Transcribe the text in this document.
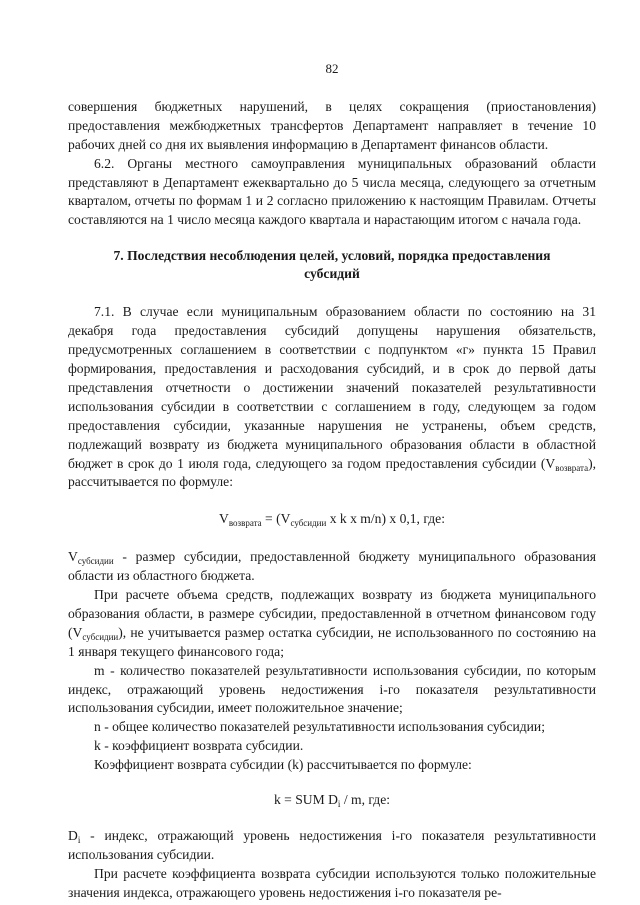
82

совершения бюджетных нарушений, в целях сокращения (приостановления) предоставления межбюджетных трансфертов Департамент направляет в течение 10 рабочих дней со дня их выявления информацию в Департамент финансов области.

6.2. Органы местного самоуправления муниципальных образований области представляют в Департамент ежеквартально до 5 числа месяца, следующего за отчетным кварталом, отчеты по формам 1 и 2 согласно приложению к настоящим Правилам. Отчеты составляются на 1 число месяца каждого квартала и нарастающим итогом с начала года.

7. Последствия несоблюдения целей, условий, порядка предоставления субсидий

7.1. В случае если муниципальным образованием области по состоянию на 31 декабря года предоставления субсидий допущены нарушения обязательств, предусмотренных соглашением в соответствии с подпунктом «г» пункта 15 Правил формирования, предоставления и расходования субсидий, и в срок до первой даты представления отчетности о достижении значений показателей результативности использования субсидии в соответствии с соглашением в году, следующем за годом предоставления субсидии, указанные нарушения не устранены, объем средств, подлежащий возврату из бюджета муниципального образования области в областной бюджет в срок до 1 июля года, следующего за годом предоставления субсидии $(V_{возврата})$, рассчитывается по формуле:

$V_{возврата} = (V_{субсидии}$ x k x m/n) x 0,1, где:

$V_{субсидии}$ - размер субсидии, предоставленной бюджету муниципального образования области из областного бюджета.

При расчете объема средств, подлежащих возврату из бюджета муниципального образования области, в размере субсидии, предоставленной в отчетном финансовом году $(V_{субсидии})$, не учитывается размер остатка субсидии, не использованного по состоянию на 1 января текущего финансового года;

m - количество показателей результативности использования субсидии, по которым индекс, отражающий уровень недостижения i-го показателя результативности использования субсидии, имеет положительное значение;

n - общее количество показателей результативности использования субсидии;

k - коэффициент возврата субсидии.

Коэффициент возврата субсидии (k) рассчитывается по формуле:

k = SUM $D_i$ / m, где:

$D_i$ - индекс, отражающий уровень недостижения i-го показателя результативности использования субсидии.

При расчете коэффициента возврата субсидии используются только положительные значения индекса, отражающего уровень недостижения i-го показателя ре-
